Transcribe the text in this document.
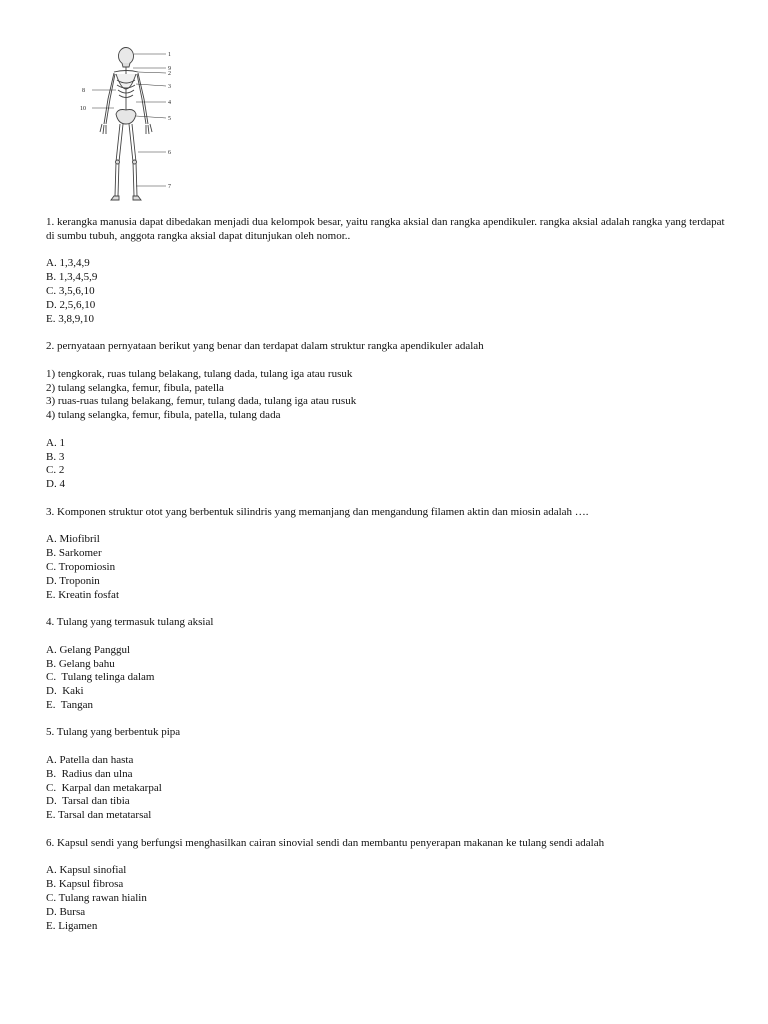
1
9
2
3
8
4
10
5
6
7

1. kerangka manusia dapat dibedakan menjadi dua kelompok besar, yaitu rangka aksial dan rangka apendikuler. rangka aksial adalah rangka yang terdapat di sumbu tubuh, anggota rangka aksial dapat ditunjukan oleh nomor..

A. 1,3,4,9

B. 1,3,4,5,9

C. 3,5,6,10

D. 2,5,6,10

E. 3,8,9,10

2. pernyataan pernyataan berikut yang benar dan terdapat dalam struktur rangka apendikuler adalah

1) tengkorak, ruas tulang belakang, tulang dada, tulang iga atau rusuk

2) tulang selangka, femur, fibula, patella

3) ruas-ruas tulang belakang, femur, tulang dada, tulang iga atau rusuk

4) tulang selangka, femur, fibula, patella, tulang dada

A. 1

B. 3

C. 2

D. 4

3. Komponen struktur otot yang berbentuk silindris yang memanjang dan mengandung filamen aktin dan miosin adalah ….

A. Miofibril

B. Sarkomer

C. Tropomiosin

D. Troponin

E. Kreatin fosfat

4. Tulang yang termasuk tulang aksial

A. Gelang Panggul

B. Gelang bahu

C.  Tulang telinga dalam

D.  Kaki

E.  Tangan

5. Tulang yang berbentuk pipa

A. Patella dan hasta

B.  Radius dan ulna

C.  Karpal dan metakarpal

D.  Tarsal dan tibia

E. Tarsal dan metatarsal

6. Kapsul sendi yang berfungsi menghasilkan cairan sinovial sendi dan membantu penyerapan makanan ke tulang sendi adalah

A. Kapsul sinofial

B. Kapsul fibrosa

C. Tulang rawan hialin

D. Bursa

E. Ligamen
